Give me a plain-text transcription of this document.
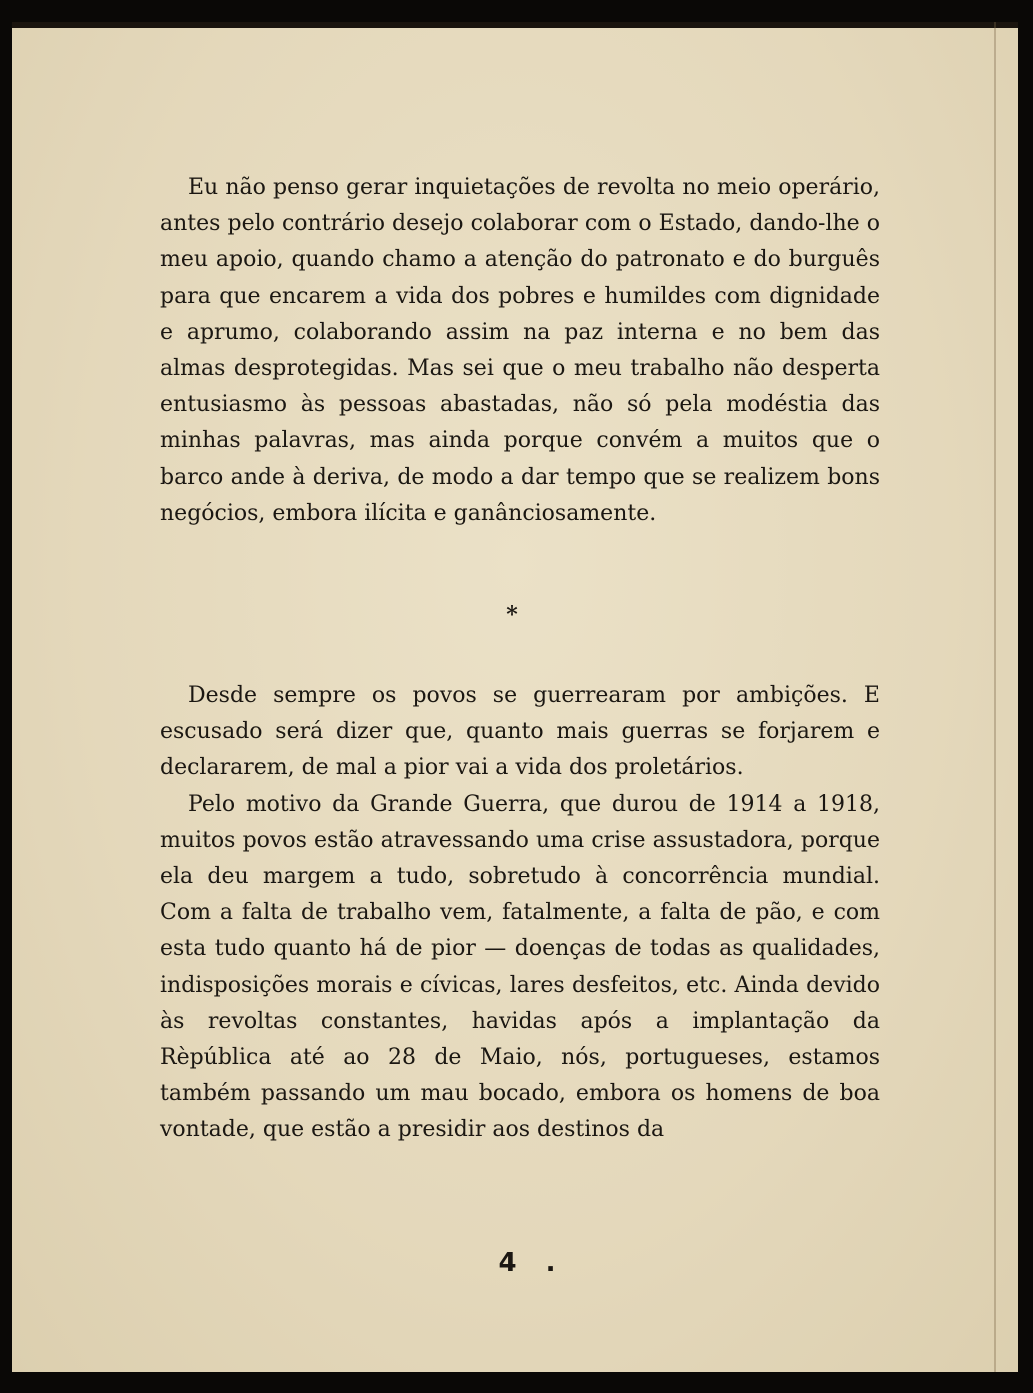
Eu não penso gerar inquietações de revolta no meio operário, antes pelo contrário desejo colaborar com o Estado, dando-lhe o meu apoio, quando chamo a atenção do patronato e do burguês para que encarem a vida dos pobres e humildes com dignidade e aprumo, colaborando assim na paz interna e no bem das almas desprotegidas. Mas sei que o meu trabalho não desperta entusiasmo às pessoas abastadas, não só pela modéstia das minhas palavras, mas ainda porque convém a muitos que o barco ande à deriva, de modo a dar tempo que se realizem bons negócios, embora ilícita e ganânciosamente.

*

Desde sempre os povos se guerrearam por ambições. E escusado será dizer que, quanto mais guerras se forjarem e declararem, de mal a pior vai a vida dos proletários.

Pelo motivo da Grande Guerra, que durou de 1914 a 1918, muitos povos estão atravessando uma crise assustadora, porque ela deu margem a tudo, sobretudo à concorrência mundial. Com a falta de trabalho vem, fatalmente, a falta de pão, e com esta tudo quanto há de pior — doenças de todas as qualidades, indisposições morais e cívicas, lares desfeitos, etc. Ainda devido às revoltas constantes, havidas após a implantação da Rèpública até ao 28 de Maio, nós, portugueses, estamos também passando um mau bocado, embora os homens de boa vontade, que estão a presidir aos destinos da

4 .
